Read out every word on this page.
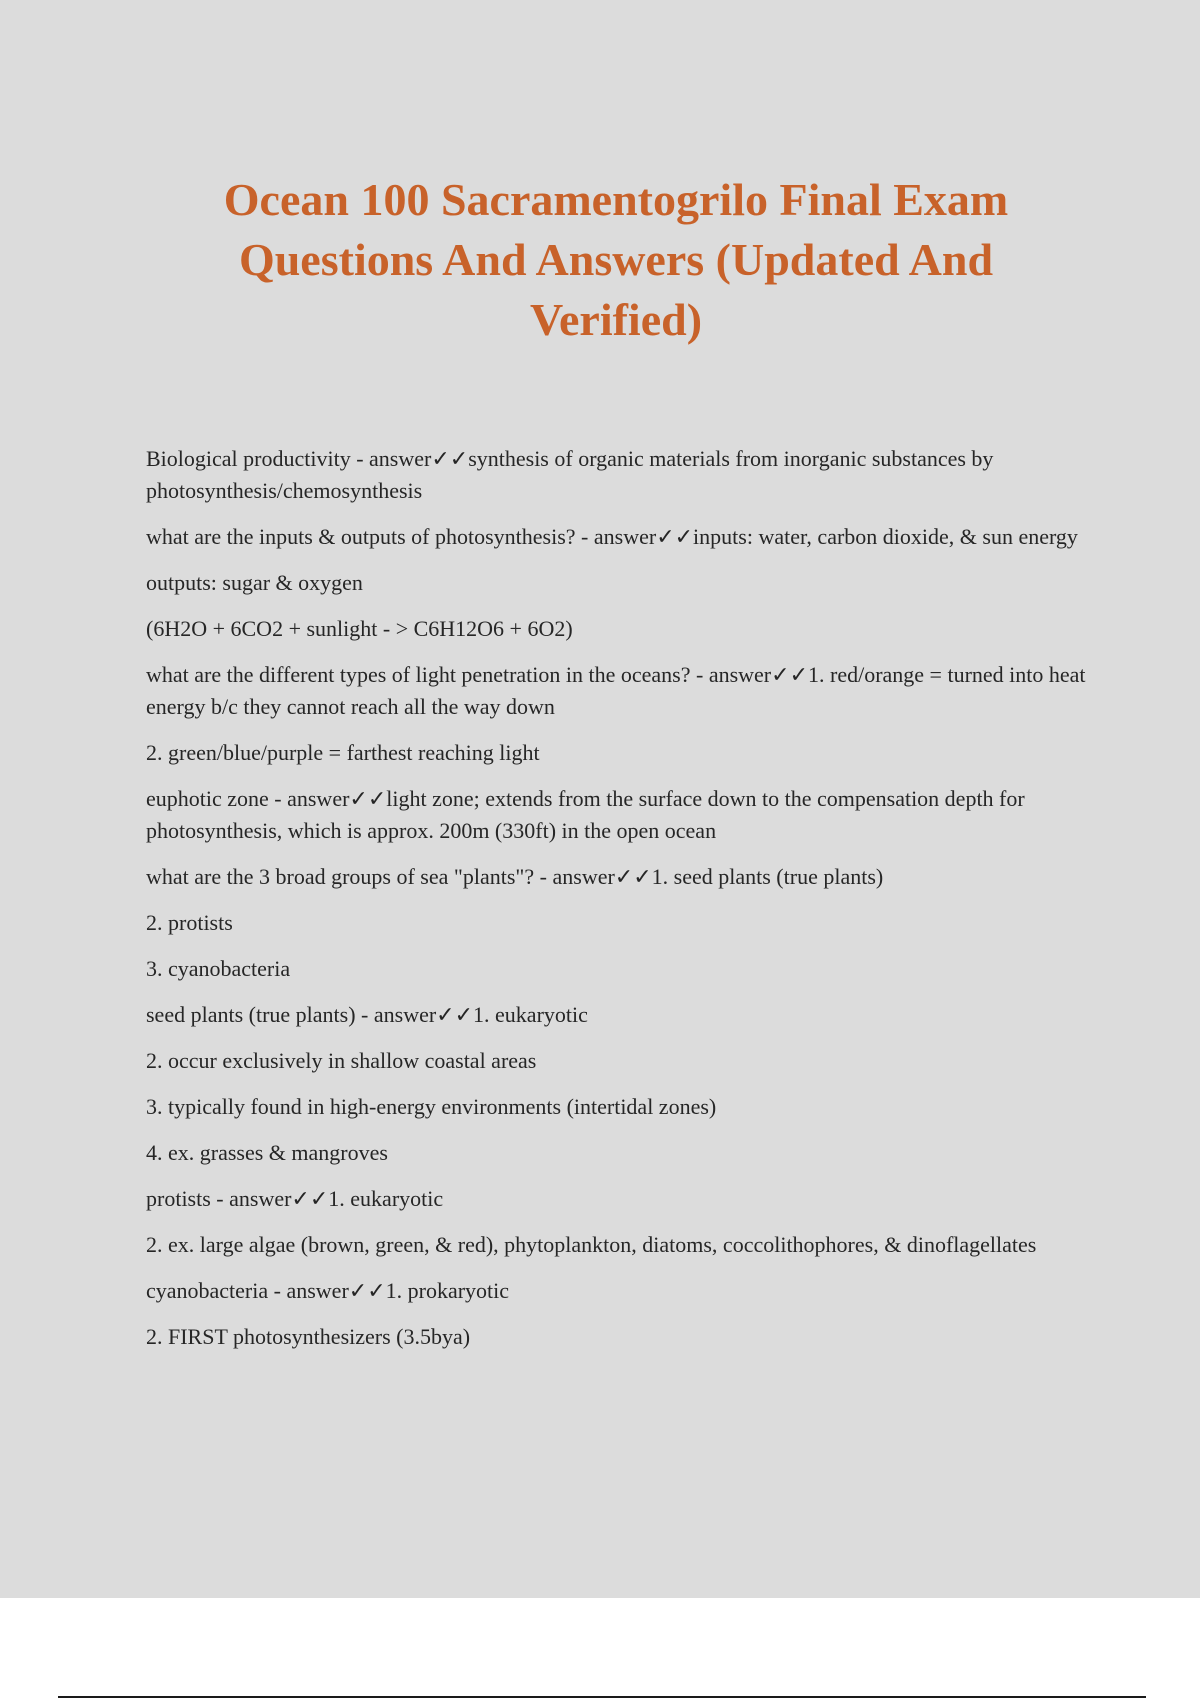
Ocean 100 Sacramentogrilo Final Exam Questions And Answers (Updated And Verified)

Biological productivity - answer✓✓synthesis of organic materials from inorganic substances by photosynthesis/chemosynthesis

what are the inputs & outputs of photosynthesis? - answer✓✓inputs: water, carbon dioxide, & sun energy

outputs: sugar & oxygen

(6H2O + 6CO2 + sunlight - > C6H12O6 + 6O2)

what are the different types of light penetration in the oceans? - answer✓✓1. red/orange = turned into heat energy b/c they cannot reach all the way down

2. green/blue/purple = farthest reaching light

euphotic zone - answer✓✓light zone; extends from the surface down to the compensation depth for photosynthesis, which is approx. 200m (330ft) in the open ocean

what are the 3 broad groups of sea "plants"? - answer✓✓1. seed plants (true plants)

2. protists

3. cyanobacteria

seed plants (true plants) - answer✓✓1. eukaryotic

2. occur exclusively in shallow coastal areas

3. typically found in high-energy environments (intertidal zones)

4. ex. grasses & mangroves

protists - answer✓✓1. eukaryotic

2. ex. large algae (brown, green, & red), phytoplankton, diatoms, coccolithophores, & dinoflagellates

cyanobacteria - answer✓✓1. prokaryotic

2. FIRST photosynthesizers (3.5bya)
